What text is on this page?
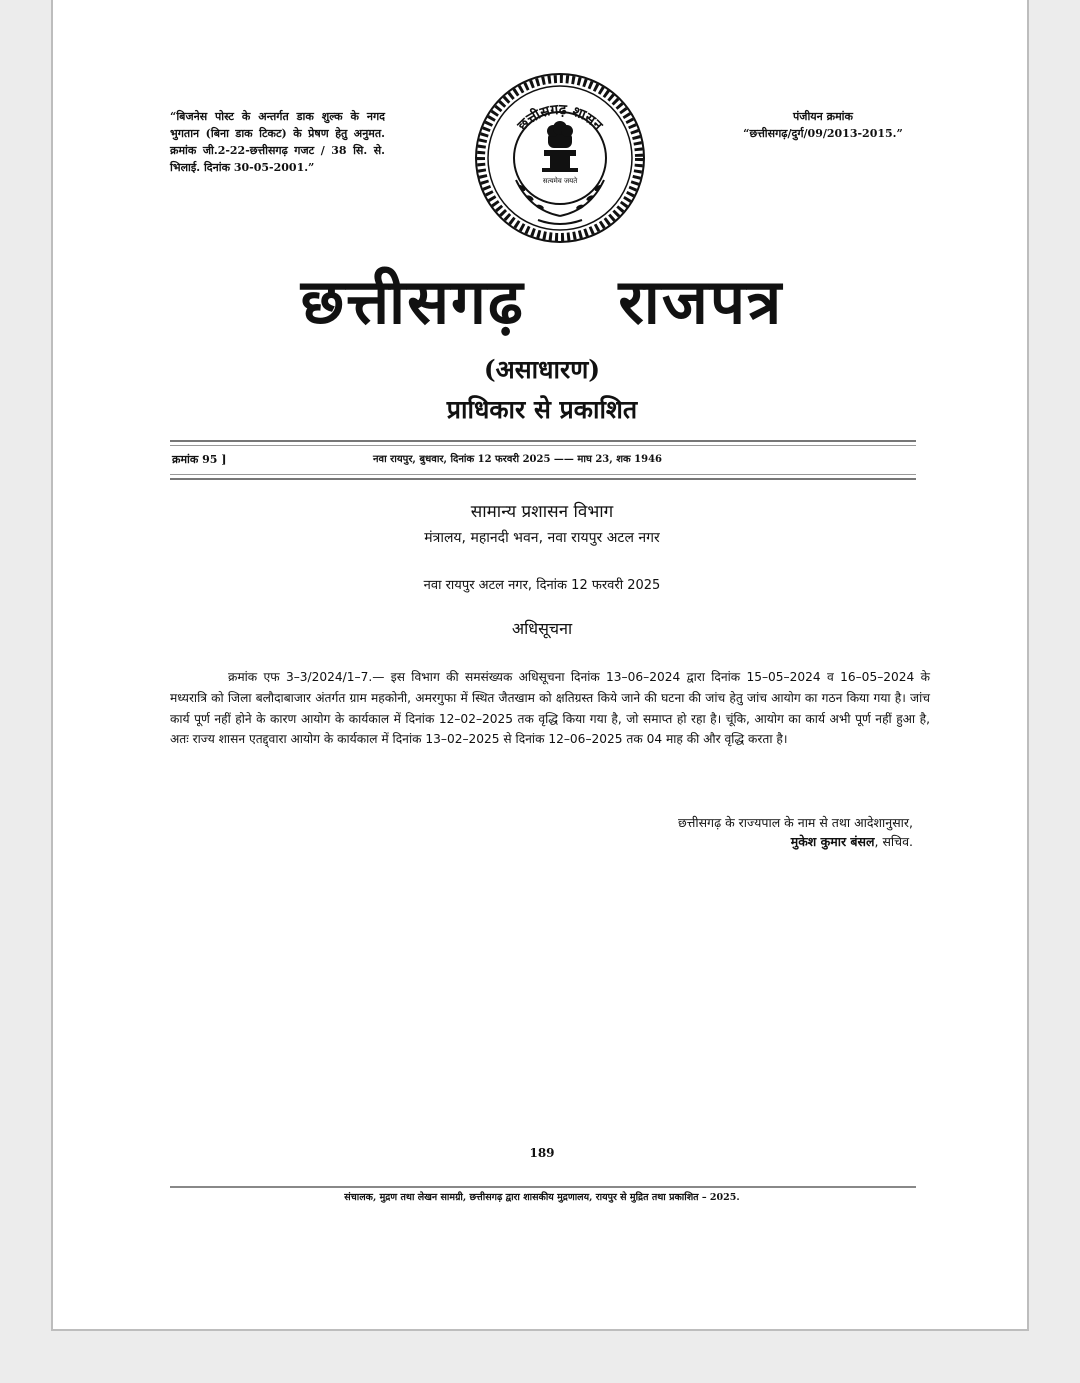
“बिजनेस पोस्ट के अन्तर्गत डाक शुल्क के नगद भुगतान (बिना डाक टिकट) के प्रेषण हेतु अनुमत. क्रमांक जी.2-22-छत्तीसगढ़ गजट / 38 सि. से. भिलाई. दिनांक 30-05-2001.”
पंजीयन क्रमांक
“छत्तीसगढ़/दुर्ग/09/2013-2015.”
छत्तीसगढ़ शासन
सत्यमेव जयते
छत्तीसगढ़ राजपत्र
(असाधारण)
प्राधिकार से प्रकाशित
क्रमांक 95 ]	नवा रायपुर, बुधवार, दिनांक 12 फरवरी 2025 —— माघ 23, शक 1946
सामान्य प्रशासन विभाग
मंत्रालय, महानदी भवन, नवा रायपुर अटल नगर
नवा रायपुर अटल नगर, दिनांक 12 फरवरी 2025
अधिसूचना
क्रमांक एफ 3–3/2024/1–7.— इस विभाग की समसंख्यक अधिसूचना दिनांक 13–06–2024 द्वारा दिनांक 15–05–2024 व 16–05–2024 के मध्यरात्रि को जिला बलौदाबाजार अंतर्गत ग्राम महकोनी, अमरगुफा में स्थित जैतखाम को क्षतिग्रस्त किये जाने की घटना की जांच हेतु जांच आयोग का गठन किया गया है। जांच कार्य पूर्ण नहीं होने के कारण आयोग के कार्यकाल में दिनांक 12–02–2025 तक वृद्धि किया गया है, जो समाप्त हो रहा है। चूंकि, आयोग का कार्य अभी पूर्ण नहीं हुआ है, अतः राज्य शासन एतद्द्वारा आयोग के कार्यकाल में दिनांक 13–02–2025 से दिनांक 12–06–2025 तक 04 माह की और वृद्धि करता है।
छत्तीसगढ़ के राज्यपाल के नाम से तथा आदेशानुसार,
मुकेश कुमार बंसल, सचिव.
189
संचालक, मुद्रण तथा लेखन सामग्री, छत्तीसगढ़ द्वारा शासकीय मुद्रणालय, रायपुर से मुद्रित तथा प्रकाशित – 2025.
